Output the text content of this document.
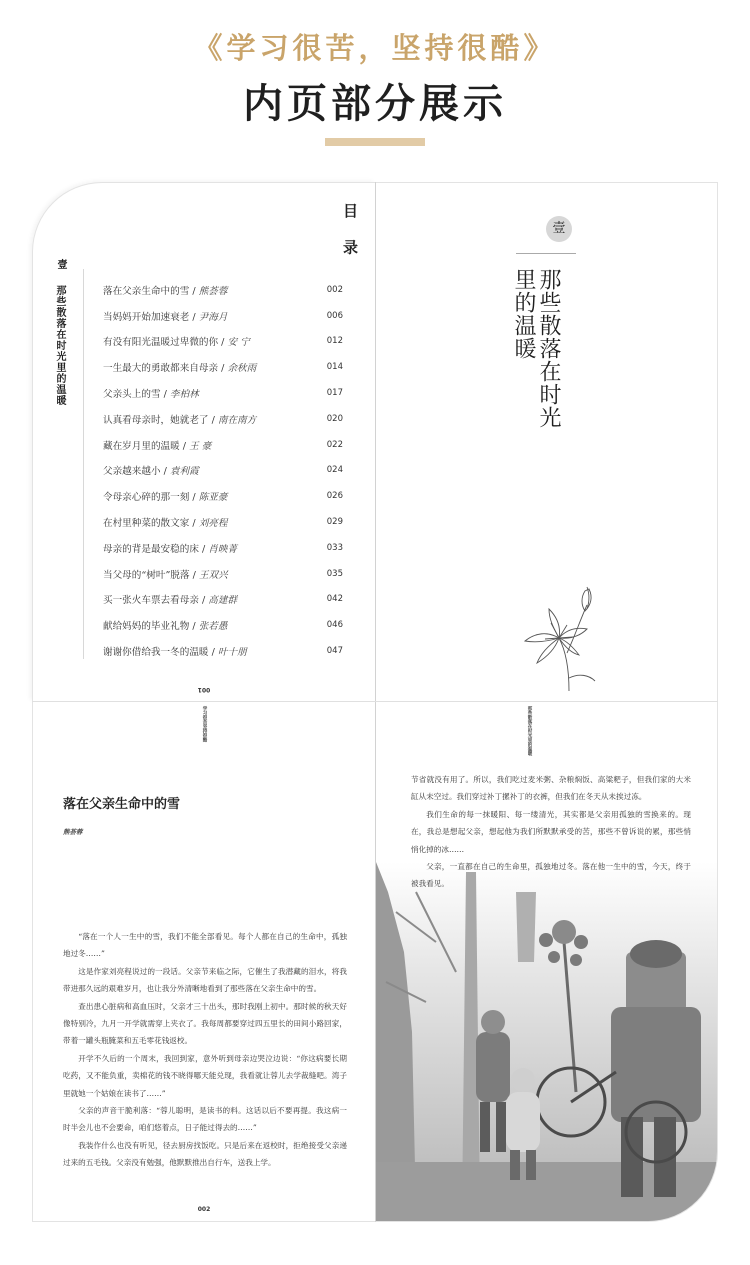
《学习很苦，坚持很酷》
内页部分展示
目 录
壹
那些散落在时光里的温暖	落在父亲生命中的雪 / 熊荟蓉	002
当妈妈开始加速衰老 / 尹海月	006
有没有阳光温暖过卑微的你 / 安 宁	012
一生最大的勇敢都来自母亲 / 余秋雨	014
父亲头上的雪 / 李柏林	017
认真看母亲时，她就老了 / 南在南方	020
藏在岁月里的温暖 / 王 豪	022
父亲越来越小 / 袁利霞	024
令母亲心碎的那一刻 / 陈亚豪	026
在村里种菜的散文家 / 刘亮程	029
母亲的背是最安稳的床 / 肖映菁	033
当父母的“树叶”脱落 / 王双兴	035
买一张火车票去看母亲 / 高建群	042
献给妈妈的毕业礼物 / 张若愚	046
谢谢你借给我一冬的温暖 / 叶十朋	047
001
壹
那些散落在时光里的温暖
学习很苦坚持很酷
落在父亲生命中的雪
熊荟蓉

“落在一个人一生中的雪，我们不能全部看见。每个人都在自己的生命中，孤独地过冬……”

这是作家刘亮程说过的一段话。父亲节来临之际，它催生了我潜藏的泪水，将我带进那久远的艰难岁月，也让我分外清晰地看到了那些落在父亲生命中的雪。

查出患心脏病和高血压时，父亲才三十出头，那时我刚上初中。那时候的秋天好像特别冷，九月一开学就需穿上夹衣了。我每周都要穿过四五里长的田间小路回家，带着一罐头瓶腌菜和五毛零花钱返校。

开学不久后的一个周末，我回到家，意外听到母亲边哭泣边说：“你这病要长期吃药，又不能负重，卖棉花的钱不晓得哪天能兑现，我看就让蓉儿去学裁缝吧。湾子里就她一个姑娘在读书了……”

父亲的声音干脆利落：“蓉儿聪明，是读书的料。这话以后不要再提。我这病一时半会儿也不会要命，咱们悠着点，日子能过得去的……”

我装作什么也没有听见，径去厨房找饭吃。只是后来在返校时，拒绝接受父亲递过来的五毛钱。父亲没有勉强，他默默推出自行车，送我上学。

002
那些散落在时光里的温暖

节省就没有用了。所以，我们吃过麦米粥、杂粮焖饭、高粱粑子，但我们家的大米缸从未空过。我们穿过补丁摞补丁的衣裤，但我们在冬天从未挨过冻。

我们生命的每一抹暖阳、每一缕清光，其实都是父亲用孤独的雪换来的。现在，我总是想起父亲，想起他为我们所默默承受的苦，那些不曾诉说的累，那些悄悄化掉的冰……

父亲，一直都在自己的生命里，孤独地过冬。落在他一生中的雪，今天，终于被我看见。
